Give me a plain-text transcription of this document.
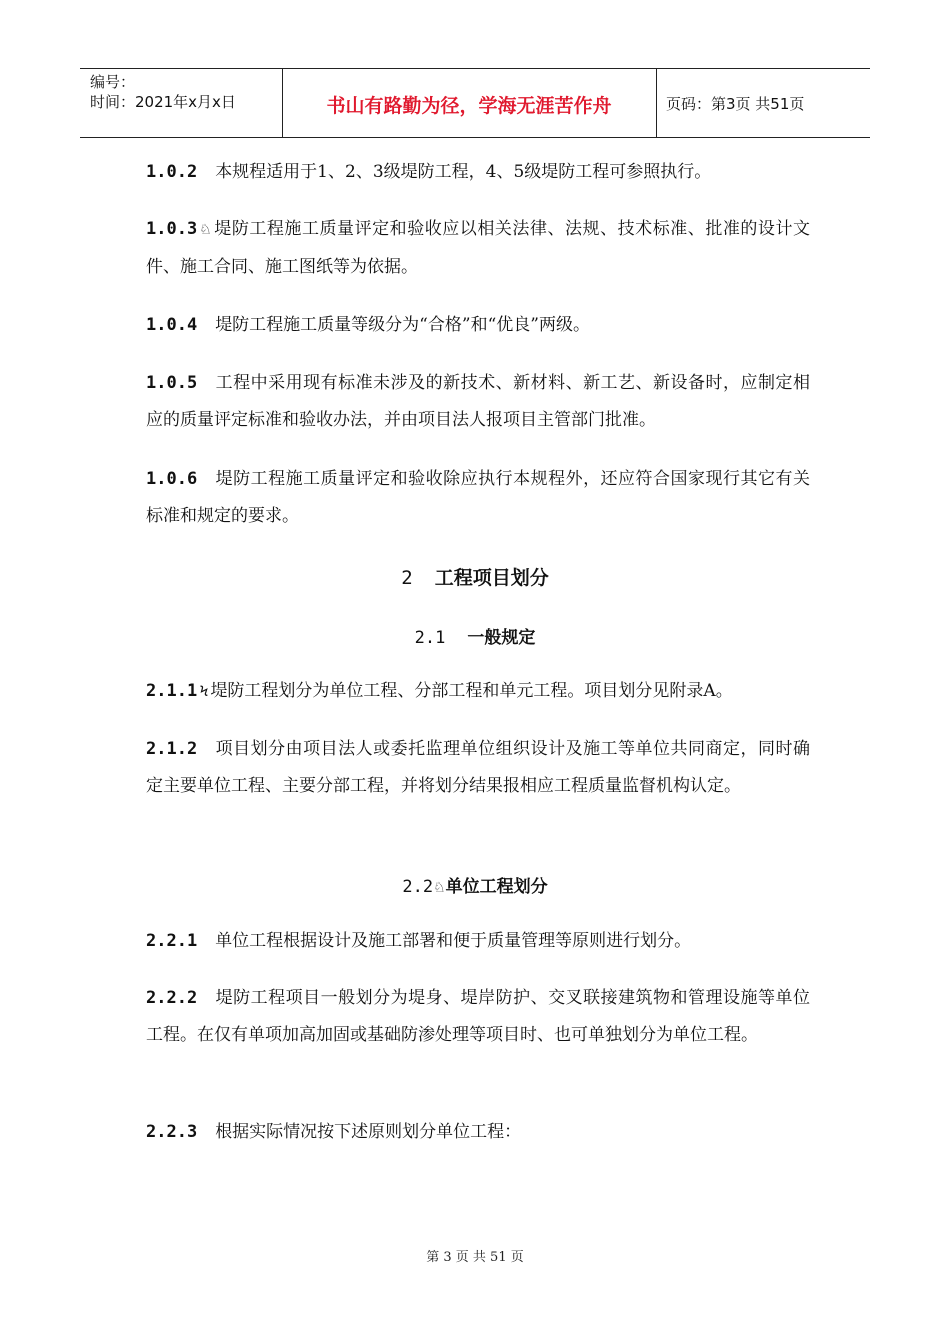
编号：
时间：2021年x月x日	书山有路勤为径，学海无涯苦作舟	页码：第3页 共51页

1.0.2 本规程适用于1、2、3级堤防工程，4、5级堤防工程可参照执行。

1.0.3 ♘ 堤防工程施工质量评定和验收应以相关法律、法规、技术标准、批准的设计文件、施工合同、施工图纸等为依据。

1.0.4 堤防工程施工质量等级分为“合格”和“优良”两级。

1.0.5 工程中采用现有标准未涉及的新技术、新材料、新工艺、新设备时，应制定相应的质量评定标准和验收办法，并由项目法人报项目主管部门批准。

1.0.6 堤防工程施工质量评定和验收除应执行本规程外，还应符合国家现行其它有关标准和规定的要求。

2 工程项目划分
2.1 一般规定

2.1.1 Ϟ 堤防工程划分为单位工程、分部工程和单元工程。项目划分见附录A。

2.1.2 项目划分由项目法人或委托监理单位组织设计及施工等单位共同商定，同时确定主要单位工程、主要分部工程，并将划分结果报相应工程质量监督机构认定。

2.2♘单位工程划分

2.2.1 单位工程根据设计及施工部署和便于质量管理等原则进行划分。

2.2.2 堤防工程项目一般划分为堤身、堤岸防护、交叉联接建筑物和管理设施等单位工程。在仅有单项加高加固或基础防渗处理等项目时、也可单独划分为单位工程。

2.2.3 根据实际情况按下述原则划分单位工程：

第 3 页 共 51 页
